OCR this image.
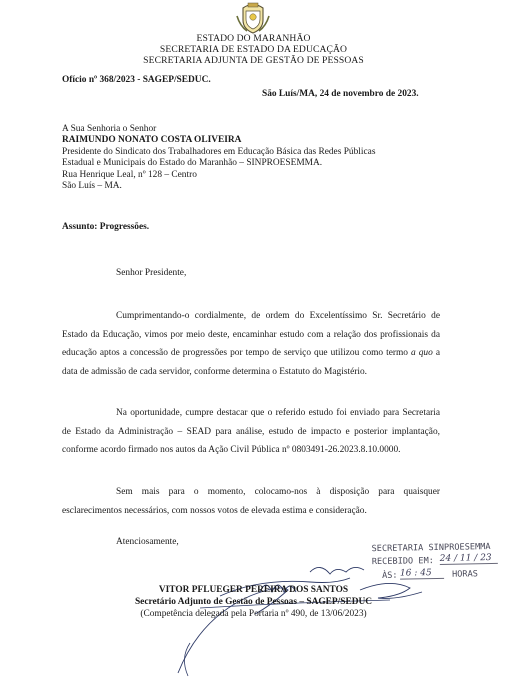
ESTADO DO MARANHÃO
SECRETARIA DE ESTADO DA EDUCAÇÃO
SECRETARIA ADJUNTA DE GESTÃO DE PESSOAS
Ofício nº 368/2023 - SAGEP/SEDUC.
São Luís/MA, 24 de novembro de 2023.
A Sua Senhoria o Senhor
RAIMUNDO NONATO COSTA OLIVEIRA
Presidente do Sindicato dos Trabalhadores em Educação Básica das Redes Públicas
Estadual e Municipais do Estado do Maranhão – SINPROESEMMA.
Rua Henrique Leal, nº 128 – Centro
São Luís – MA.
Assunto: Progressões.
Senhor Presidente,

Cumprimentando-o cordialmente, de ordem do Excelentíssimo Sr. Secretário de Estado da Educação, vimos por meio deste, encaminhar estudo com a relação dos profissionais da educação aptos a concessão de progressões por tempo de serviço que utilizou como termo a quo a data de admissão de cada servidor, conforme determina o Estatuto do Magistério.

Na oportunidade, cumpre destacar que o referido estudo foi enviado para Secretaria de Estado da Administração – SEAD para análise, estudo de impacto e posterior implantação, conforme acordo firmado nos autos da Ação Civil Pública nº 0803491-26.2023.8.10.0000.

Sem mais para o momento, colocamo-nos à disposição para quaisquer esclarecimentos necessários, com nossos votos de elevada estima e consideração.

Atenciosamente,
SECRETARIA SINPROESEMMA
RECEBIDO EM: 24 / 11 / 23
ÀS: 16 : 45	HORAS
VITOR PFLUEGER PEREIRA DOS SANTOS
Secretário Adjunto de Gestão de Pessoas – SAGEP/SEDUC
(Competência delegada pela Portaria nº 490, de 13/06/2023)
